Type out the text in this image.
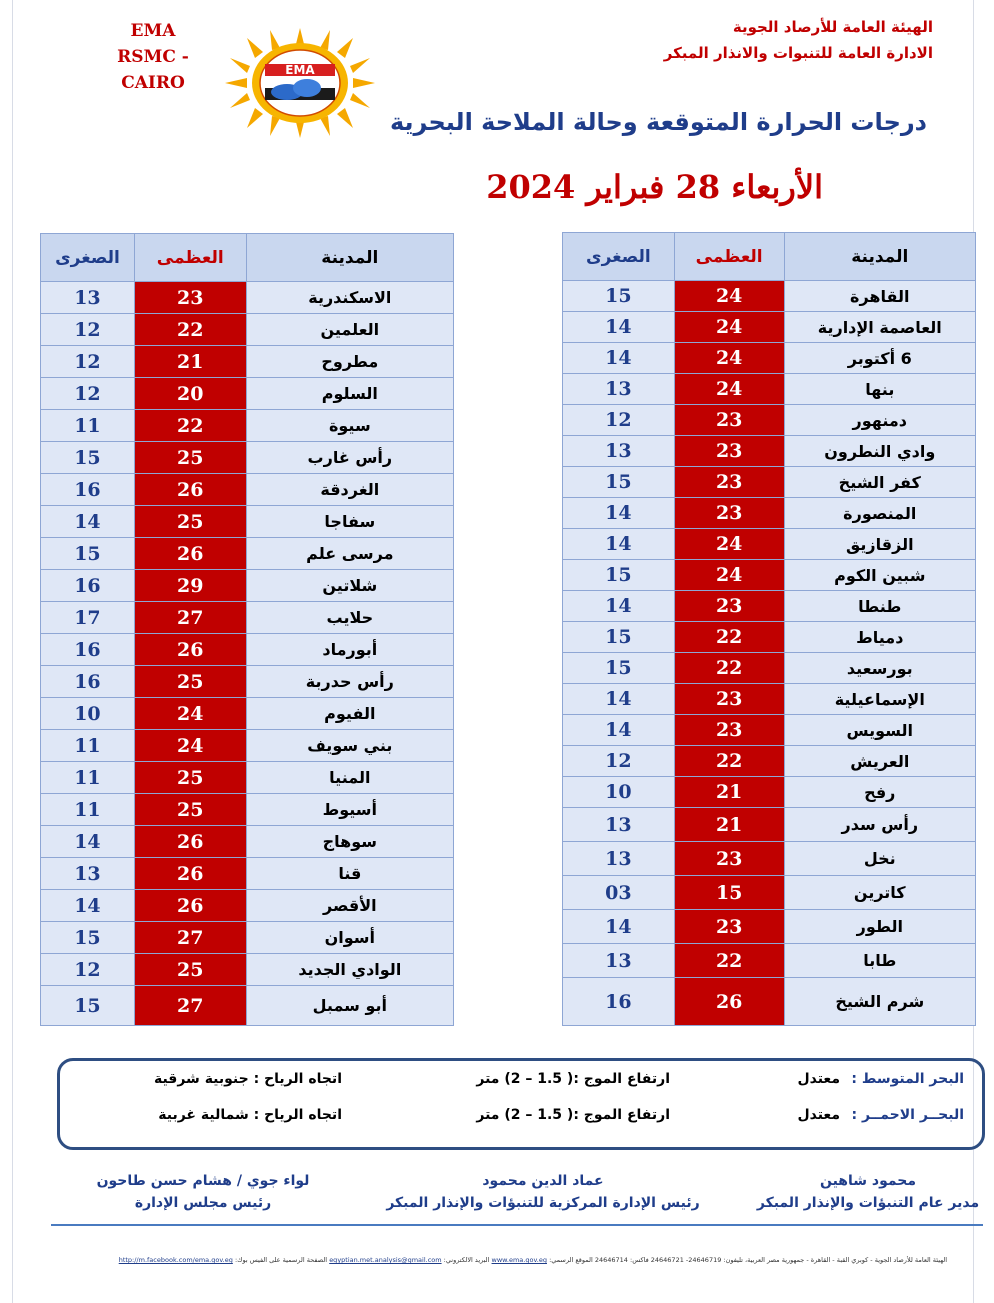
EMA
RSMC - CAIRO
EMA
الهيئة العامة للأرصاد الجوية
الادارة العامة للتنبوات والانذار المبكر
درجات الحرارة المتوقعة وحالة الملاحة البحرية
الأربعاء 28 فبراير 2024
المدينة	العظمى	الصغرى
القاهرة	24	15
العاصمة الإدارية	24	14
6 أكتوبر	24	14
بنها	24	13
دمنهور	23	12
وادي النطرون	23	13
كفر الشيخ	23	15
المنصورة	23	14
الزقازيق	24	14
شبين الكوم	24	15
طنطا	23	14
دمياط	22	15
بورسعيد	22	15
الإسماعيلية	23	14
السويس	23	14
العريش	22	12
رفح	21	10
رأس سدر	21	13
نخل	23	13
كاترين	15	03
الطور	23	14
طابا	22	13
شرم الشيخ	26	16
المدينة	العظمى	الصغرى
الاسكندرية	23	13
العلمين	22	12
مطروح	21	12
السلوم	20	12
سيوة	22	11
رأس غارب	25	15
الغردقة	26	16
سفاجا	25	14
مرسى علم	26	15
شلاتين	29	16
حلايب	27	17
أبورماد	26	16
رأس حدربة	25	16
الفيوم	24	10
بني سويف	24	11
المنيا	25	11
أسيوط	25	11
سوهاج	26	14
قنا	26	13
الأقصر	26	14
أسوان	27	15
الوادي الجديد	25	12
أبو سمبل	27	15
البحر المتوسط :
معتدل
ارتفاع الموج :( 1.5 – 2) متر
اتجاه الرياح : جنوبية شرقية
البحــر الاحمــر :
معتدل
ارتفاع الموج :( 1.5 – 2) متر
اتجاه الرياح : شمالية غربية
محمود شاهين
مدير عام التنبؤات والإنذار المبكر
عماد الدين محمود
رئيس الإدارة المركزية للتنبؤات والإنذار المبكر
لواء جوي / هشام حسن طاحون
رئيس مجلس الإدارة
الهيئة العامة للأرصاد الجوية - كوبري القبة - القاهرة - جمهورية مصر العربية، تليفون: 24646719- 24646721 فاكس: 24646714 الموقع الرسمي: www.ema.gov.eg البريد الالكتروني: egyptian.met.analysis@gmail.com الصفحة الرسمية على الفيس بوك: http://m.facebook.com/ema.gov.eg
